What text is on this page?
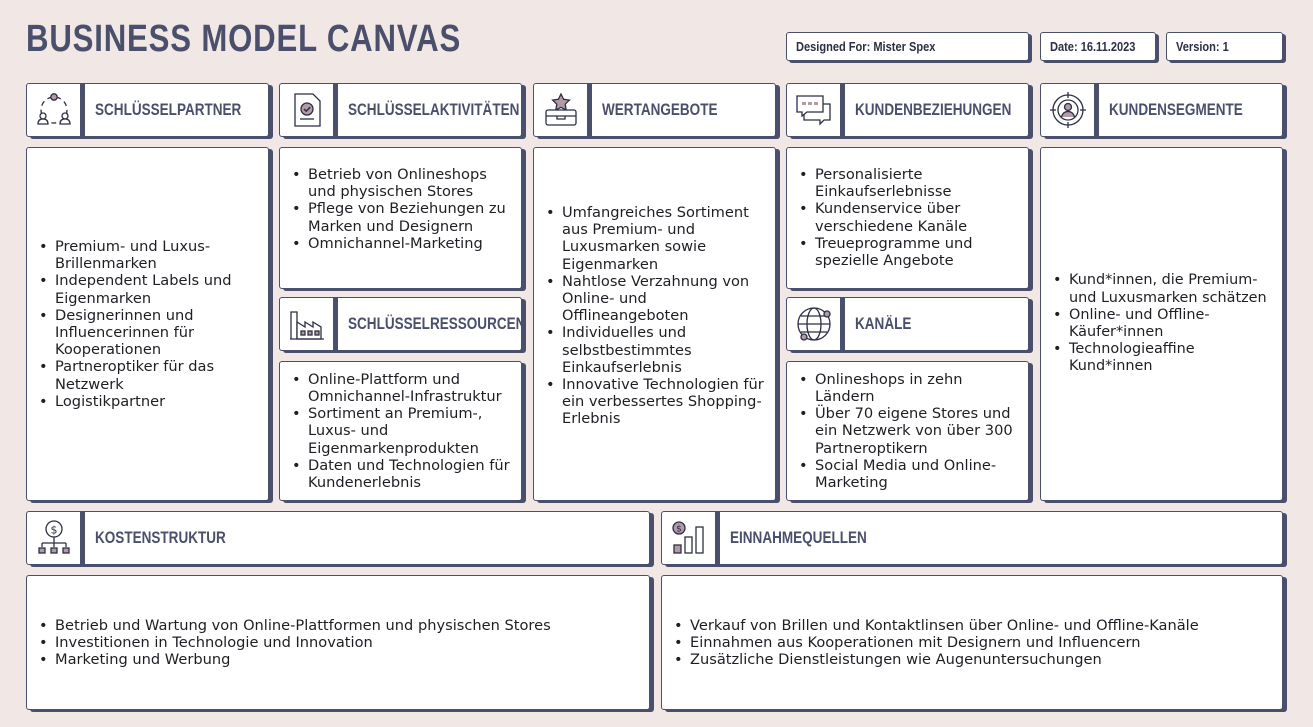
BUSINESS MODEL CANVAS	Designed For: Mister Spex	Date: 16.11.2023	Version: 1
SCHLÜSSELPARTNER
• Premium- und Luxus-Brillenmarken
• Independent Labels und Eigenmarken
• Designerinnen und Influencerinnen für Kooperationen
• Partneroptiker für das Netzwerk
• Logistikpartner
SCHLÜSSELAKTIVITÄTEN
• Betrieb von Onlineshops und physischen Stores
• Pflege von Beziehungen zu Marken und Designern
• Omnichannel-Marketing
SCHLÜSSELRESSOURCEN
• Online-Plattform und Omnichannel-Infrastruktur
• Sortiment an Premium-, Luxus- und Eigenmarkenprodukten
• Daten und Technologien für Kundenerlebnis
WERTANGEBOTE
• Umfangreiches Sortiment aus Premium- und Luxusmarken sowie Eigenmarken
• Nahtlose Verzahnung von Online- und Offlineangeboten
• Individuelles und selbstbestimmtes Einkaufserlebnis
• Innovative Technologien für ein verbessertes Shopping-Erlebnis
KUNDENBEZIEHUNGEN
• Personalisierte Einkaufserlebnisse
• Kundenservice über verschiedene Kanäle
• Treueprogramme und spezielle Angebote
KANÄLE
• Onlineshops in zehn Ländern
• Über 70 eigene Stores und ein Netzwerk von über 300 Partneroptikern
• Social Media und Online-Marketing
KUNDENSEGMENTE
• Kund*innen, die Premium- und Luxusmarken schätzen
• Online- und Offline-Käufer*innen
• Technologieaffine Kund*innen
$ KOSTENSTRUKTUR
• Betrieb und Wartung von Online-Plattformen und physischen Stores
• Investitionen in Technologie und Innovation
• Marketing und Werbung
$	EINNAHMEQUELLEN
• Verkauf von Brillen und Kontaktlinsen über Online- und Offline-Kanäle
• Einnahmen aus Kooperationen mit Designern und Influencern
• Zusätzliche Dienstleistungen wie Augenuntersuchungen
